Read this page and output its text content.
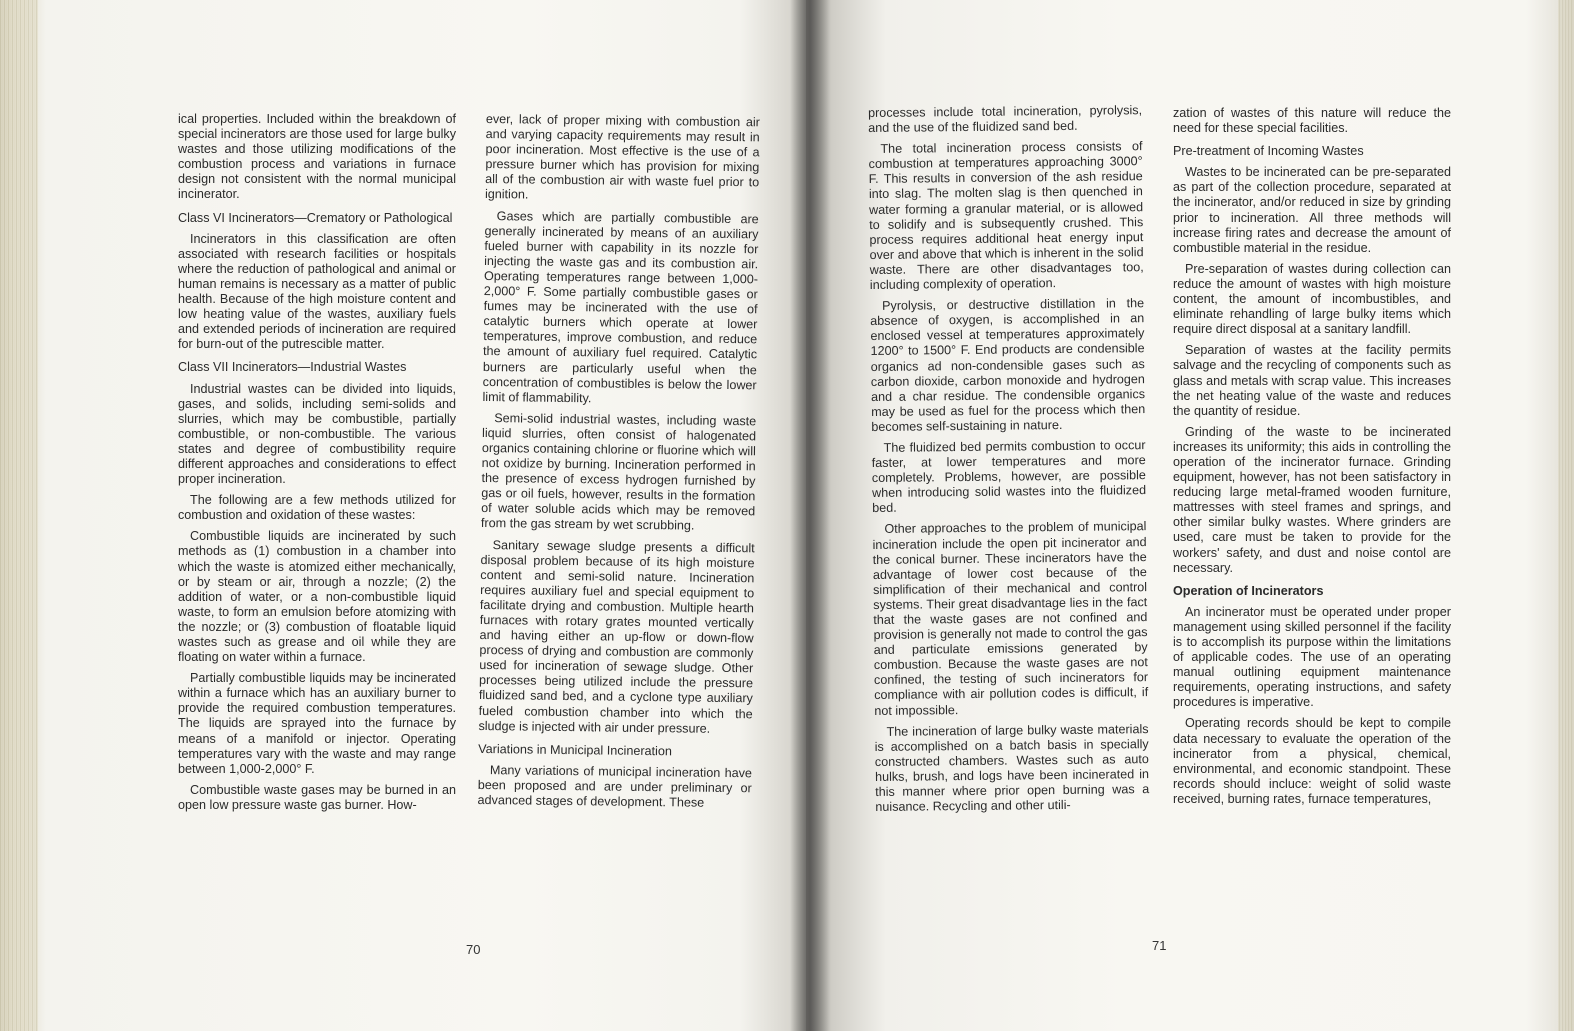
ical properties. Included within the breakdown of special incinerators are those used for large bulky wastes and those utilizing modifications of the combustion process and variations in furnace design not consistent with the normal municipal incinerator.

Class VI Incinerators—Crematory or Pathological

Incinerators in this classification are often associated with research facilities or hospitals where the reduction of pathological and animal or human remains is necessary as a matter of public health. Because of the high moisture content and low heating value of the wastes, auxiliary fuels and extended periods of incineration are required for burn-out of the putrescible matter.

Class VII Incinerators—Industrial Wastes

Industrial wastes can be divided into liquids, gases, and solids, including semi-solids and slurries, which may be combustible, partially combustible, or non-combustible. The various states and degree of combustibility require different approaches and considerations to effect proper incineration.

The following are a few methods utilized for combustion and oxidation of these wastes:

Combustible liquids are incinerated by such methods as (1) combustion in a chamber into which the waste is atomized either mechanically, or by steam or air, through a nozzle; (2) the addition of water, or a non-combustible liquid waste, to form an emulsion before atomizing with the nozzle; or (3) combustion of floatable liquid wastes such as grease and oil while they are floating on water within a furnace.

Partially combustible liquids may be incinerated within a furnace which has an auxiliary burner to provide the required combustion temperatures. The liquids are sprayed into the furnace by means of a manifold or injector. Operating temperatures vary with the waste and may range between 1,000-2,000° F.

Combustible waste gases may be burned in an open low pressure waste gas burner. How-

ever, lack of proper mixing with combustion air and varying capacity requirements may result in poor incineration. Most effective is the use of a pressure burner which has provision for mixing all of the combustion air with waste fuel prior to ignition.

Gases which are partially combustible are generally incinerated by means of an auxiliary fueled burner with capability in its nozzle for injecting the waste gas and its combustion air. Operating temperatures range between 1,000-2,000° F. Some partially combustible gases or fumes may be incinerated with the use of catalytic burners which operate at lower temperatures, improve combustion, and reduce the amount of auxiliary fuel required. Catalytic burners are particularly useful when the concentration of combustibles is below the lower limit of flammability.

Semi-solid industrial wastes, including waste liquid slurries, often consist of halogenated organics containing chlorine or fluorine which will not oxidize by burning. Incineration performed in the presence of excess hydrogen furnished by gas or oil fuels, however, results in the formation of water soluble acids which may be removed from the gas stream by wet scrubbing.

Sanitary sewage sludge presents a difficult disposal problem because of its high moisture content and semi-solid nature. Incineration requires auxiliary fuel and special equipment to facilitate drying and combustion. Multiple hearth furnaces with rotary grates mounted vertically and having either an up-flow or down-flow process of drying and combustion are commonly used for incineration of sewage sludge. Other processes being utilized include the pressure fluidized sand bed, and a cyclone type auxiliary fueled combustion chamber into which the sludge is injected with air under pressure.

Variations in Municipal Incineration

Many variations of municipal incineration have been proposed and are under preliminary or advanced stages of development. These

70

processes include total incineration, pyrolysis, and the use of the fluidized sand bed.

The total incineration process consists of combustion at temperatures approaching 3000° F. This results in conversion of the ash residue into slag. The molten slag is then quenched in water forming a granular material, or is allowed to solidify and is subsequently crushed. This process requires additional heat energy input over and above that which is inherent in the solid waste. There are other disadvantages too, including complexity of operation.

Pyrolysis, or destructive distillation in the absence of oxygen, is accomplished in an enclosed vessel at temperatures approximately 1200° to 1500° F. End products are condensible organics ad non-condensible gases such as carbon dioxide, carbon monoxide and hydrogen and a char residue. The condensible organics may be used as fuel for the process which then becomes self-sustaining in nature.

The fluidized bed permits combustion to occur faster, at lower temperatures and more completely. Problems, however, are possible when introducing solid wastes into the fluidized bed.

Other approaches to the problem of municipal incineration include the open pit incinerator and the conical burner. These incinerators have the advantage of lower cost because of the simplification of their mechanical and control systems. Their great disadvantage lies in the fact that the waste gases are not confined and provision is generally not made to control the gas and particulate emissions generated by combustion. Because the waste gases are not confined, the testing of such incinerators for compliance with air pollution codes is difficult, if not impossible.

The incineration of large bulky waste materials is accomplished on a batch basis in specially constructed chambers. Wastes such as auto hulks, brush, and logs have been incinerated in this manner where prior open burning was a nuisance. Recycling and other utili-

zation of wastes of this nature will reduce the need for these special facilities.

Pre-treatment of Incoming Wastes

Wastes to be incinerated can be pre-separated as part of the collection procedure, separated at the incinerator, and/or reduced in size by grinding prior to incineration. All three methods will increase firing rates and decrease the amount of combustible material in the residue.

Pre-separation of wastes during collection can reduce the amount of wastes with high moisture content, the amount of incombustibles, and eliminate rehandling of large bulky items which require direct disposal at a sanitary landfill.

Separation of wastes at the facility permits salvage and the recycling of components such as glass and metals with scrap value. This increases the net heating value of the waste and reduces the quantity of residue.

Grinding of the waste to be incinerated increases its uniformity; this aids in controlling the operation of the incinerator furnace. Grinding equipment, however, has not been satisfactory in reducing large metal-framed wooden furniture, mattresses with steel frames and springs, and other similar bulky wastes. Where grinders are used, care must be taken to provide for the workers' safety, and dust and noise contol are necessary.

Operation of Incinerators

An incinerator must be operated under proper management using skilled personnel if the facility is to accomplish its purpose within the limitations of applicable codes. The use of an operating manual outlining equipment maintenance requirements, operating instructions, and safety procedures is imperative.

Operating records should be kept to compile data necessary to evaluate the operation of the incinerator from a physical, chemical, environmental, and economic standpoint. These records should incluce: weight of solid waste received, burning rates, furnace temperatures,

71
